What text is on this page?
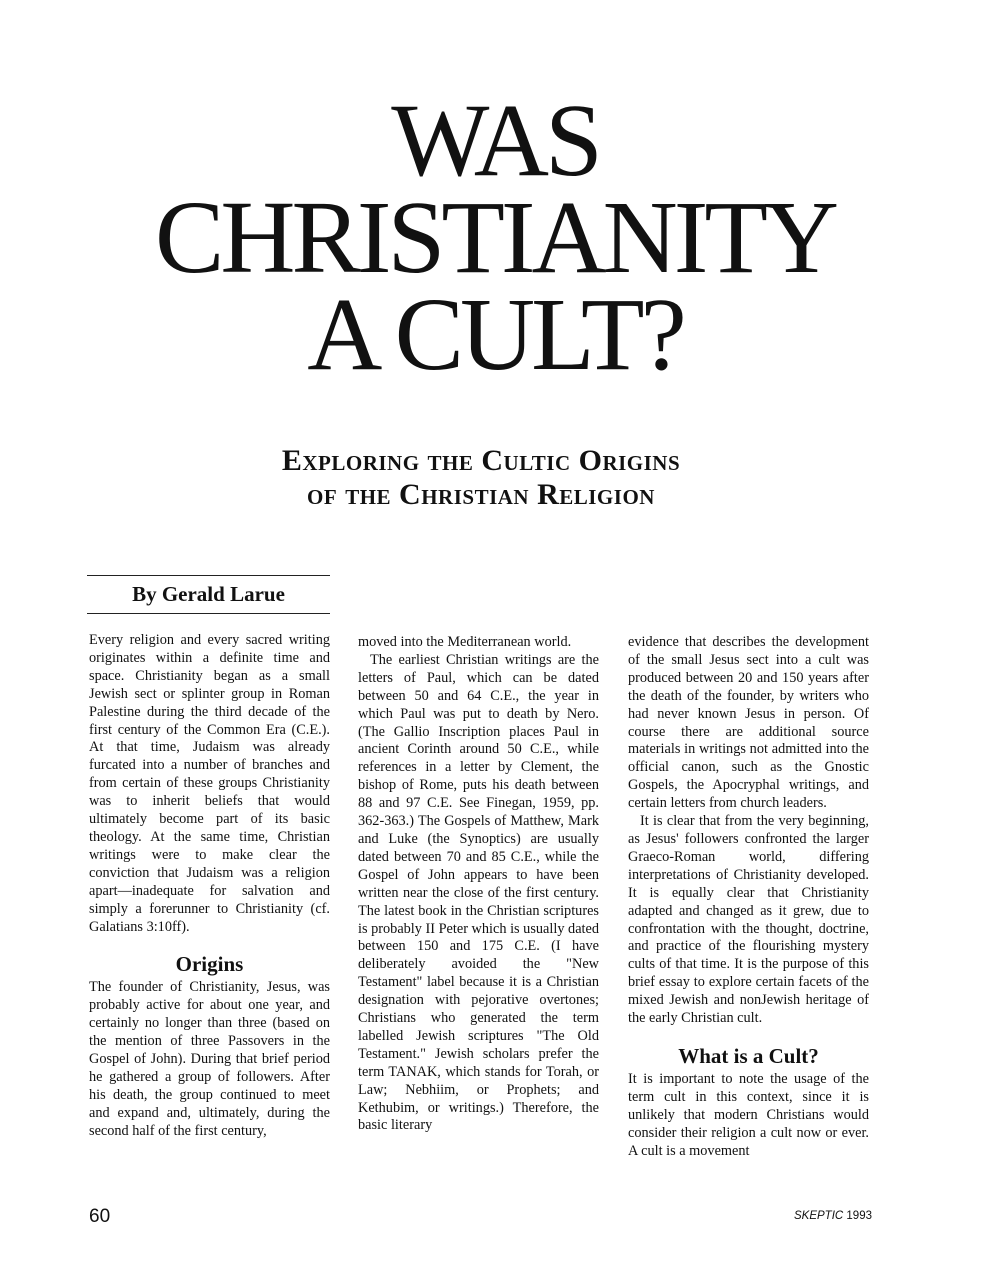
WAS
CHRISTIANITY
A CULT?
Exploring the Cultic Origins
of the Christian Religion
By Gerald Larue

Every religion and every sacred writing originates within a definite time and space. Christianity began as a small Jewish sect or splinter group in Roman Palestine during the third decade of the first century of the Common Era (C.E.). At that time, Judaism was already furcated into a number of branches and from certain of these groups Christianity was to inherit beliefs that would ultimately become part of its basic theology. At the same time, Christian writings were to make clear the conviction that Judaism was a religion apart—inadequate for salvation and simply a forerunner to Christianity (cf. Galatians 3:10ff).

Origins

The founder of Christianity, Jesus, was probably active for about one year, and certainly no longer than three (based on the mention of three Passovers in the Gospel of John). During that brief period he gathered a group of followers. After his death, the group continued to meet and expand and, ultimately, during the second half of the first century,

moved into the Mediterranean world.

The earliest Christian writings are the letters of Paul, which can be dated between 50 and 64 C.E., the year in which Paul was put to death by Nero. (The Gallio Inscription places Paul in ancient Corinth around 50 C.E., while references in a letter by Clement, the bishop of Rome, puts his death between 88 and 97 C.E. See Finegan, 1959, pp. 362-363.) The Gospels of Matthew, Mark and Luke (the Synoptics) are usually dated between 70 and 85 C.E., while the Gospel of John appears to have been written near the close of the first century. The latest book in the Christian scriptures is probably II Peter which is usually dated between 150 and 175 C.E. (I have deliberately avoided the "New Testament" label because it is a Christian designation with pejorative overtones; Christians who generated the term labelled Jewish scriptures "The Old Testament." Jewish scholars prefer the term TANAK, which stands for Torah, or Law; Nebhiim, or Prophets; and Kethubim, or writings.) Therefore, the basic literary

evidence that describes the development of the small Jesus sect into a cult was produced between 20 and 150 years after the death of the founder, by writers who had never known Jesus in person. Of course there are additional source materials in writings not admitted into the official canon, such as the Gnostic Gospels, the Apocryphal writings, and certain letters from church leaders.

It is clear that from the very beginning, as Jesus' followers confronted the larger Graeco-Roman world, differing interpretations of Christianity developed. It is equally clear that Christianity adapted and changed as it grew, due to confrontation with the thought, doctrine, and practice of the flourishing mystery cults of that time. It is the purpose of this brief essay to explore certain facets of the mixed Jewish and nonJewish heritage of the early Christian cult.

What is a Cult?

It is important to note the usage of the term cult in this context, since it is unlikely that modern Christians would consider their religion a cult now or ever. A cult is a movement

60	SKEPTIC 1993
